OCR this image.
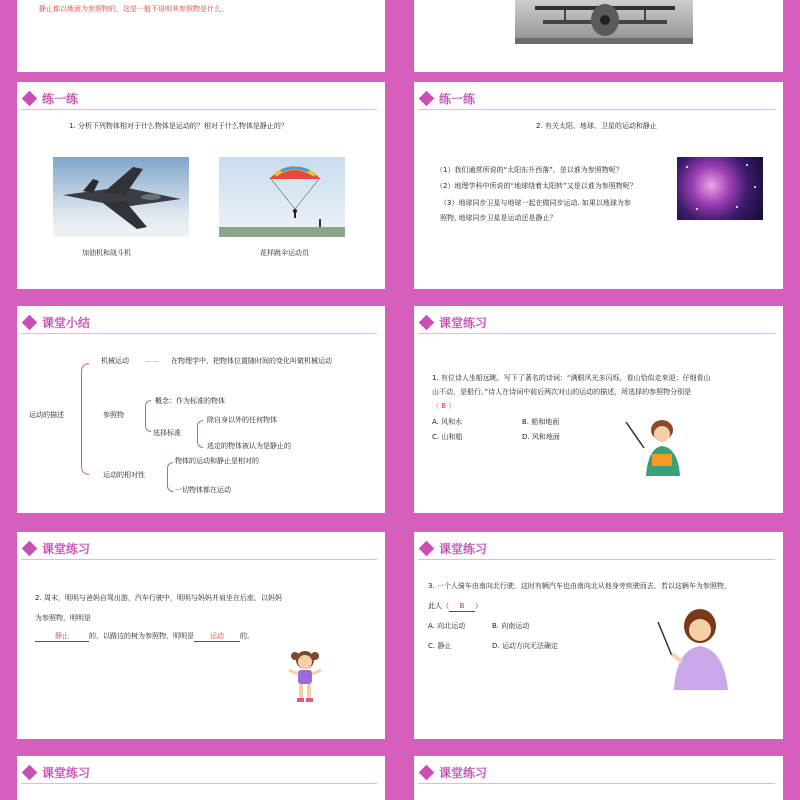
静止都以地面为参照物的，这是一般不说明其参照物是什么。
练一练
1. 分析下列物体相对于什么物体是运动的？相对于什么物体是静止的？
加油机和战斗机	花样跳伞运动员
练一练
2. 有关太阳、地球、卫星的运动和静止
（1）我们通常所说的“太阳东升西落”，是以谁为参照物呢？
（2）地理学科中所说的“地球绕着太阳转”又是以谁为参照物呢？
（3）地球同步卫星与地球一起在做同步运动. 如果以地球为参
照物, 地球同步卫星是运动还是静止？
课堂小结
运动的描述
机械运动 —— 在物理学中，把物体位置随时间的变化叫做机械运动
参照物
概念：作为标准的物体
选择标准
除自身以外的任何物体
选定的物体被认为是静止的
运动的相对性
物体的运动和静止是相对的
一切物体都在运动
课堂练习
1. 有位诗人坐船远眺，写下了著名的诗词：“满眼风光多闪烁，看山恰似走来迎；仔细看山
山不动，是船行。”诗人在诗词中前后两次对山的运动的描述，所选择的参照物分别是
（ B ）
A. 风和水	B. 船和地面
C. 山和船	D. 风和地面
课堂练习
2. 周末，明明与爸妈自驾出游，汽车行驶中，明明与妈妈并肩坐在后座，以妈妈
为参照物，明明是
静止	的，以路边的树为参照物，明明是 运动 的。
课堂练习
3. 一个人骑车由南向北行驶，这时有辆汽车也由南向北从他身旁疾驶而去，若以这辆车为参照物，
此人（ B ）
A. 向北运动	B. 向南运动
C. 静止	D. 运动方向无法确定
课堂练习	课堂练习
